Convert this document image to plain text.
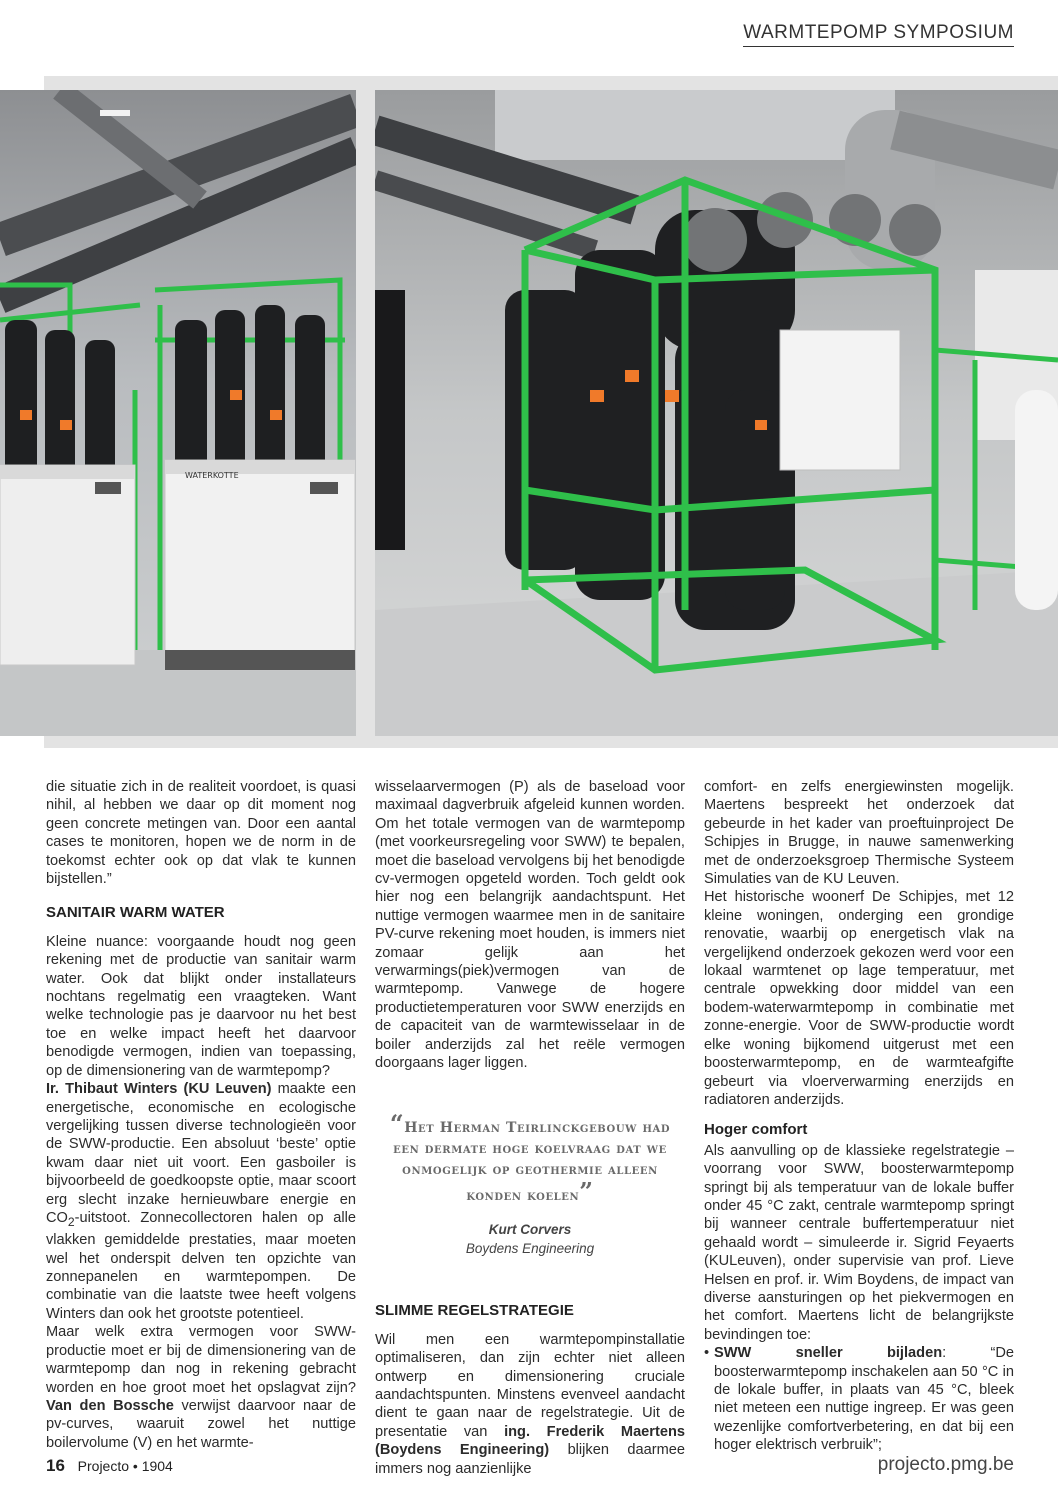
WARMTEPOMP SYMPOSIUM
WATERKOTTE

die situatie zich in de realiteit voordoet, is quasi nihil, al hebben we daar op dit moment nog geen concrete metingen van. Door een aantal cases te monitoren, hopen we de norm in de toekomst echter ook op dat vlak te kunnen bijstellen.”

SANITAIR WARM WATER

Kleine nuance: voorgaande houdt nog geen rekening met de productie van sanitair warm water. Ook dat blijkt onder installateurs nochtans regelmatig een vraagteken. Want welke technologie pas je daarvoor nu het best toe en welke impact heeft het daarvoor benodigde vermogen, indien van toepassing, op de dimensionering van de warmtepomp?

Ir. Thibaut Winters (KU Leuven) maakte een energetische, economische en ecologische vergelijking tussen diverse technologieën voor de SWW-productie. Een absoluut ‘beste’ optie kwam daar niet uit voort. Een gasboiler is bijvoorbeeld de goedkoopste optie, maar scoort erg slecht inzake hernieuwbare energie en $CO_2$-uitstoot. Zonnecollectoren halen op alle vlakken gemiddelde prestaties, maar moeten wel het onderspit delven ten opzichte van zonnepanelen en warmtepompen. De combinatie van die laatste twee heeft volgens Winters dan ook het grootste potentieel.

Maar welk extra vermogen voor SWW-productie moet er bij de dimensionering van de warmtepomp dan nog in rekening gebracht worden en hoe groot moet het opslagvat zijn? Van den Bossche verwijst daarvoor naar de pv-curves, waaruit zowel het nuttige boilervolume (V) en het warmte-

wisselaarvermogen (P) als de baseload voor maximaal dagverbruik afgeleid kunnen worden. Om het totale vermogen van de warmtepomp (met voorkeursregeling voor SWW) te bepalen, moet die baseload vervolgens bij het benodigde cv-vermogen opgeteld worden. Toch geldt ook hier nog een belangrijk aandachtspunt. Het nuttige vermogen waarmee men in de sanitaire PV-curve rekening moet houden, is immers niet zomaar gelijk aan het verwarmings(piek)vermogen van de warmtepomp. Vanwege de hogere productietemperaturen voor SWW enerzijds en de capaciteit van de warmtewisselaar in de boiler anderzijds zal het reële vermogen doorgaans lager liggen.

“Het Herman Teirlinckgebouw had een dermate hoge koelvraag dat we onmogelijk op geothermie alleen konden koelen”
Kurt Corvers
Boydens Engineering
SLIMME REGELSTRATEGIE

Wil men een warmtepompinstallatie optimaliseren, dan zijn echter niet alleen ontwerp en dimensionering cruciale aandachtspunten. Minstens evenveel aandacht dient te gaan naar de regelstrategie. Uit de presentatie van ing. Frederik Maertens (Boydens Engineering) blijken daarmee immers nog aanzienlijke

comfort- en zelfs energiewinsten mogelijk. Maertens bespreekt het onderzoek dat gebeurde in het kader van proeftuinproject De Schipjes in Brugge, in nauwe samenwerking met de onderzoeksgroep Thermische Systeem Simulaties van de KU Leuven.

Het historische woonerf De Schipjes, met 12 kleine woningen, onderging een grondige renovatie, waarbij op energetisch vlak na vergelijkend onderzoek gekozen werd voor een lokaal warmtenet op lage temperatuur, met centrale opwekking door middel van een bodem-waterwarmtepomp in combinatie met zonne-energie. Voor de SWW-productie wordt elke woning bijkomend uitgerust met een boosterwarmtepomp, en de warmteafgifte gebeurt via vloerverwarming enerzijds en radiatoren anderzijds.

Hoger comfort

Als aanvulling op de klassieke regelstrategie – voorrang voor SWW, boosterwarmtepomp springt bij als temperatuur van de lokale buffer onder 45 °C zakt, centrale warmtepomp springt bij wanneer centrale buffertemperatuur niet gehaald wordt – simuleerde ir. Sigrid Feyaerts (KULeuven), onder supervisie van prof. Lieve Helsen en prof. ir. Wim Boydens, de impact van diverse aansturingen op het piekvermogen en het comfort. Maertens licht de belangrijkste bevindingen toe:

• SWW sneller bijladen: “De boosterwarmtepomp inschakelen aan 50 °C in de lokale buffer, in plaats van 45 °C, bleek niet meteen een nuttige ingreep. Er was geen wezenlijke comfortverbetering, en dat bij een hoger elektrisch verbruik”;
16 Projecto • 1904	projecto.pmg.be
